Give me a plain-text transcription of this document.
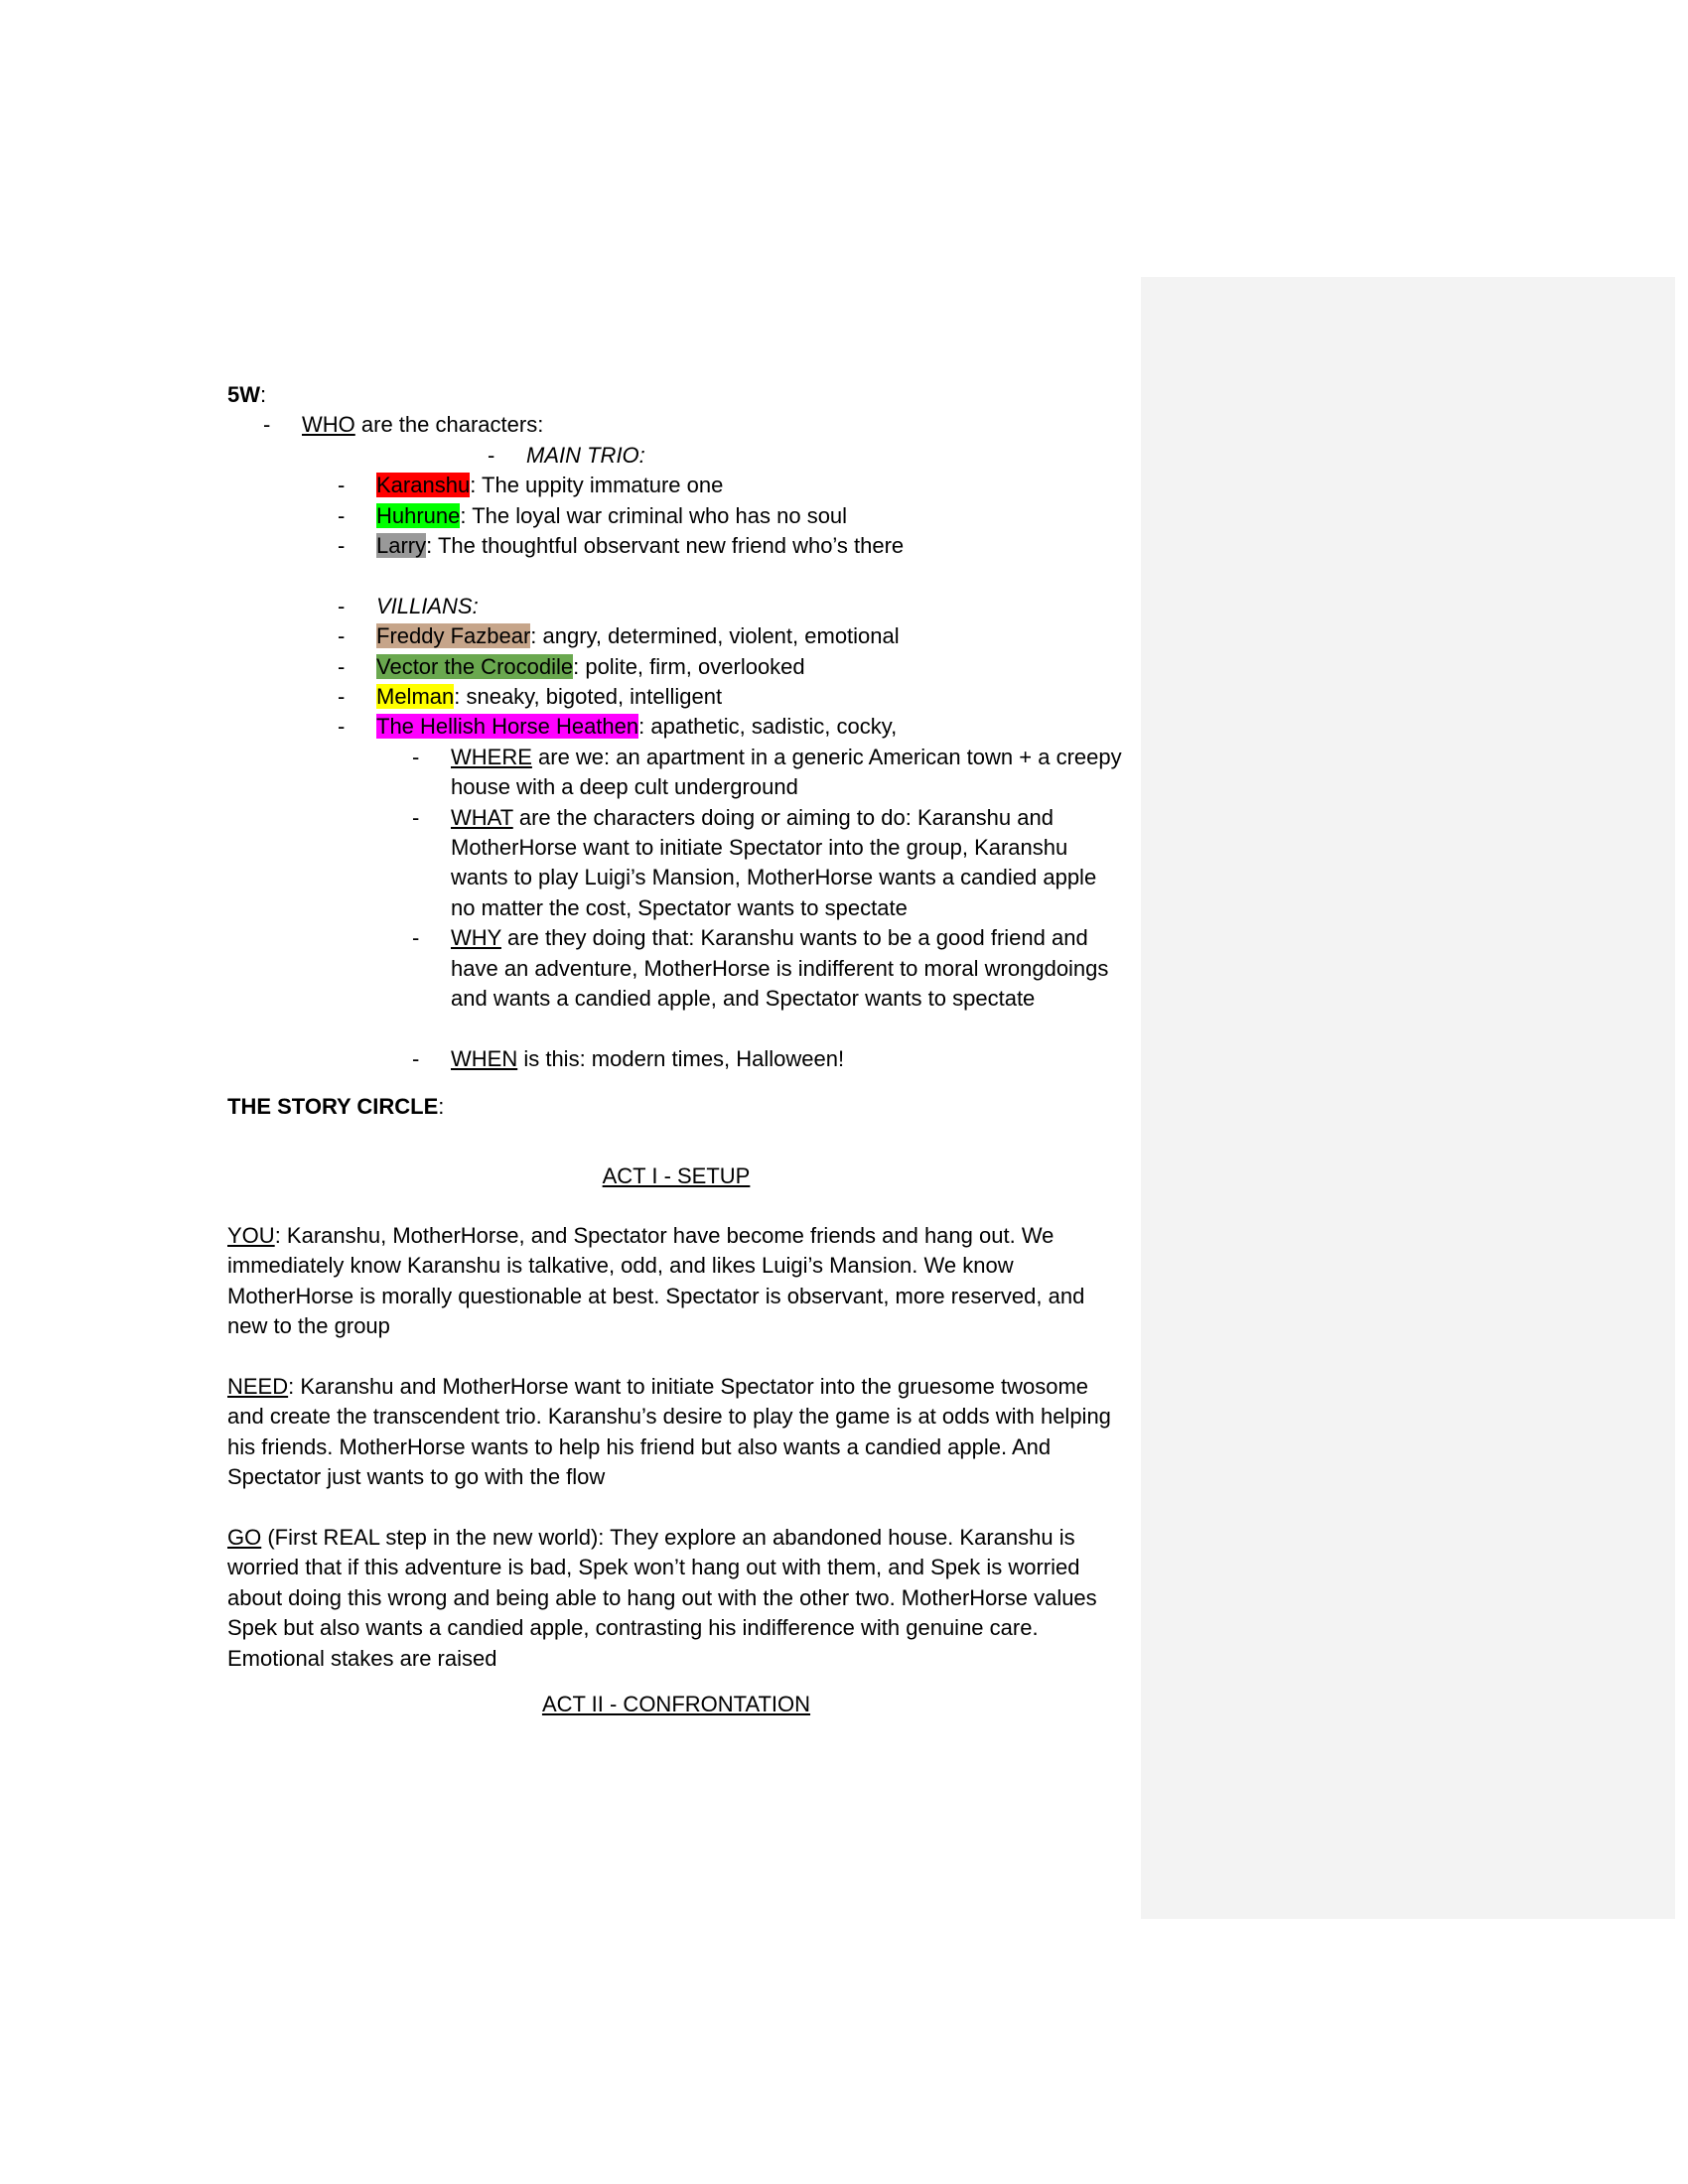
5W:
- WHO are the characters:
- MAIN TRIO:
- Karanshu: The uppity immature one
- Huhrune: The loyal war criminal who has no soul
- Larry: The thoughtful observant new friend who’s there
- VILLIANS:
- Freddy Fazbear: angry, determined, violent, emotional
- Vector the Crocodile: polite, firm, overlooked
- Melman: sneaky, bigoted, intelligent
- The Hellish Horse Heathen: apathetic, sadistic, cocky,
- WHERE are we: an apartment in a generic American town + a creepy house with a deep cult underground
- WHAT are the characters doing or aiming to do: Karanshu and MotherHorse want to initiate Spectator into the group, Karanshu wants to play Luigi’s Mansion, MotherHorse wants a candied apple no matter the cost, Spectator wants to spectate
- WHY are they doing that: Karanshu wants to be a good friend and have an adventure, MotherHorse is indifferent to moral wrongdoings and wants a candied apple, and Spectator wants to spectate
- WHEN is this: modern times, Halloween!
THE STORY CIRCLE:
ACT I - SETUP
YOU: Karanshu, MotherHorse, and Spectator have become friends and hang out. We immediately know Karanshu is talkative, odd, and likes Luigi’s Mansion. We know MotherHorse is morally questionable at best. Spectator is observant, more reserved, and new to the group
NEED: Karanshu and MotherHorse want to initiate Spectator into the gruesome twosome and create the transcendent trio. Karanshu’s desire to play the game is at odds with helping his friends. MotherHorse wants to help his friend but also wants a candied apple. And Spectator just wants to go with the flow
GO (First REAL step in the new world): They explore an abandoned house. Karanshu is worried that if this adventure is bad, Spek won’t hang out with them, and Spek is worried about doing this wrong and being able to hang out with the other two. MotherHorse values Spek but also wants a candied apple, contrasting his indifference with genuine care. Emotional stakes are raised
ACT II - CONFRONTATION
